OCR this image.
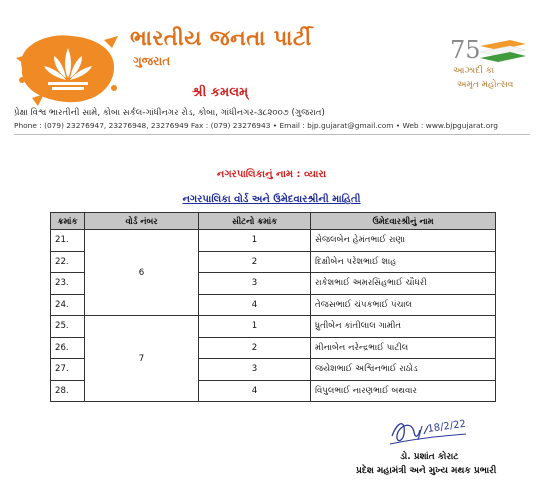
ભારતીય જનતા પાર્ટી
ગુજરાત
શ્રી કમલમ્
75
આઝાદી કા
અમૃત મહોત્સવ
પ્રેક્ષા વિશ્વ ભારતીની સામે, કોબા સર્કલ-ગાંધીનગર રોડ, કોબા, ગાંધીનગર-૩૮૨૦૦૭ (ગુજરાત)
Phone : (079) 23276947, 23276948, 23276949 Fax : (079) 23276943 • Email : bjp.gujarat@gmail.com • Web : www.bjpgujarat.org
નગરપાલિકાનું નામ : વ્યારા
નગરપાલિકા વોર્ડ અને ઉમેદવારશ્રીની માહિતી
ક્રમાંક	વોર્ડ નંબર	સીટનો ક્રમાંક	ઉમેદવારશ્રીનું નામ
21.	6	1	સેજલબેન હેમંતભાઈ રાણા
22.		2	દિક્ષીબેન પરેશભાઈ શાહ
23.		3	રાકેશભાઈ અમરસિંહભાઈ ચૌધરી
24.		4	તેજસભાઈ ચંપકભાઈ પંચાલ
25.	7	1	ધ્રુતીબેન કાંતીલાલ ગામીત
26.		2	મીનાબેન નરેન્દ્રભાઈ પાટીલ
27.		3	જયેશભાઈ અશ્વિનભાઈ રાઠોડ
28.		4	વિપુલભાઈ નારણભાઈ બથવાર
18/2/22
ડો. પ્રશાંત કોરાટ
પ્રદેશ મહામંત્રી અને મુખ્ય મથક પ્રભારી
